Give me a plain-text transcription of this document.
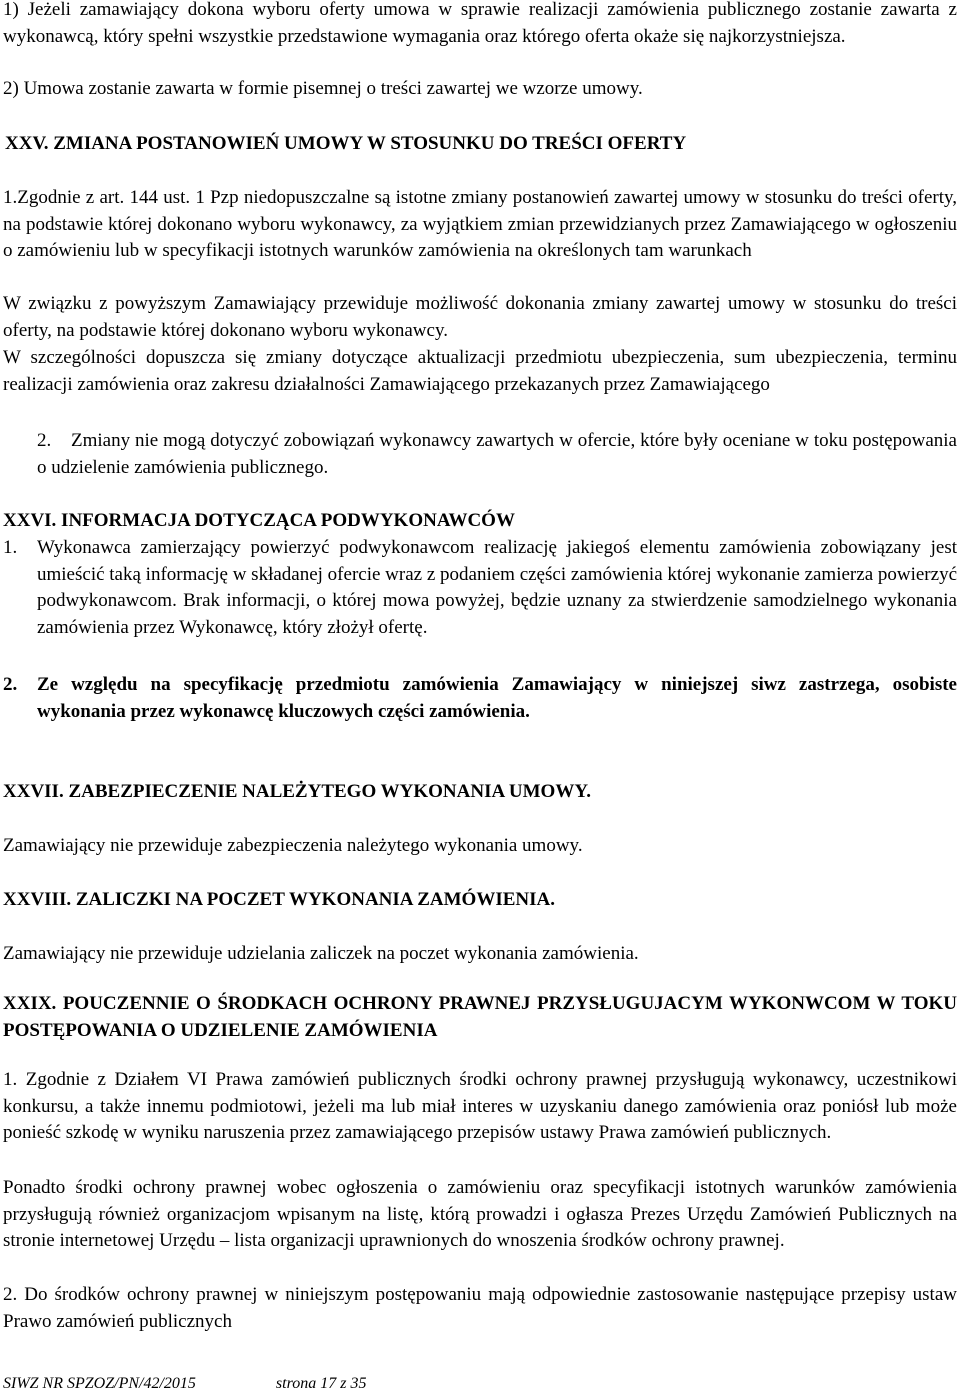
1) Jeżeli zamawiający dokona wyboru oferty umowa w sprawie realizacji zamówienia publicznego zostanie zawarta z wykonawcą, który spełni wszystkie przedstawione wymagania oraz którego oferta okaże się najkorzystniejsza.

2) Umowa zostanie zawarta w formie pisemnej o treści zawartej we wzorze umowy.

XXV. ZMIANA POSTANOWIEŃ UMOWY W STOSUNKU DO TREŚCI OFERTY

1.Zgodnie z art. 144 ust. 1 Pzp niedopuszczalne są istotne zmiany postanowień zawartej umowy w stosunku do treści oferty, na podstawie której dokonano wyboru wykonawcy, za wyjątkiem zmian przewidzianych przez Zamawiającego w ogłoszeniu o zamówieniu lub w specyfikacji istotnych warunków zamówienia na określonych tam warunkach

W związku z powyższym Zamawiający przewiduje możliwość dokonania zmiany zawartej umowy w stosunku do treści oferty, na podstawie której dokonano wyboru wykonawcy.

W szczególności dopuszcza się zmiany dotyczące aktualizacji przedmiotu ubezpieczenia, sum ubezpieczenia, terminu realizacji zamówienia oraz zakresu działalności Zamawiającego przekazanych przez Zamawiającego

2.	Zmiany nie mogą dotyczyć zobowiązań wykonawcy zawartych w ofercie, które były oceniane w toku postępowania o udzielenie zamówienia publicznego.

XXVI. INFORMACJA DOTYCZĄCA PODWYKONAWCÓW

1. Wykonawca zamierzający powierzyć podwykonawcom realizację jakiegoś elementu zamówienia zobowiązany jest umieścić taką informację w składanej ofercie wraz z podaniem części zamówienia której wykonanie zamierza powierzyć podwykonawcom. Brak informacji, o której mowa powyżej, będzie uznany za stwierdzenie samodzielnego wykonania zamówienia przez Wykonawcę, który złożył ofertę.

2. Ze względu na specyfikację przedmiotu zamówienia Zamawiający w niniejszej siwz zastrzega, osobiste wykonania przez wykonawcę kluczowych części zamówienia.

XXVII. ZABEZPIECZENIE NALEŻYTEGO WYKONANIA UMOWY.

Zamawiający nie przewiduje zabezpieczenia należytego wykonania umowy.

XXVIII. ZALICZKI NA POCZET WYKONANIA ZAMÓWIENIA.

Zamawiający nie przewiduje udzielania zaliczek na poczet wykonania zamówienia.

XXIX. POUCZENNIE O ŚRODKACH OCHRONY PRAWNEJ PRZYSŁUGUJACYM WYKONWCOM W TOKU POSTĘPOWANIA O UDZIELENIE ZAMÓWIENIA

1. Zgodnie z Działem VI Prawa zamówień publicznych środki ochrony prawnej przysługują wykonawcy, uczestnikowi konkursu, a także innemu podmiotowi, jeżeli ma lub miał interes w uzyskaniu danego zamówienia oraz poniósł lub może ponieść szkodę w wyniku naruszenia przez zamawiającego przepisów ustawy Prawa zamówień publicznych.

Ponadto środki ochrony prawnej wobec ogłoszenia o zamówieniu oraz specyfikacji istotnych warunków zamówienia przysługują również organizacjom wpisanym na listę, którą prowadzi i ogłasza Prezes Urzędu Zamówień Publicznych na stronie internetowej Urzędu – lista organizacji uprawnionych do wnoszenia środków ochrony prawnej.

2. Do środków ochrony prawnej w niniejszym postępowaniu mają odpowiednie zastosowanie następujące przepisy ustaw Prawo zamówień publicznych

SIWZ NR SPZOZ/PN/42/2015	strona 17 z 35
